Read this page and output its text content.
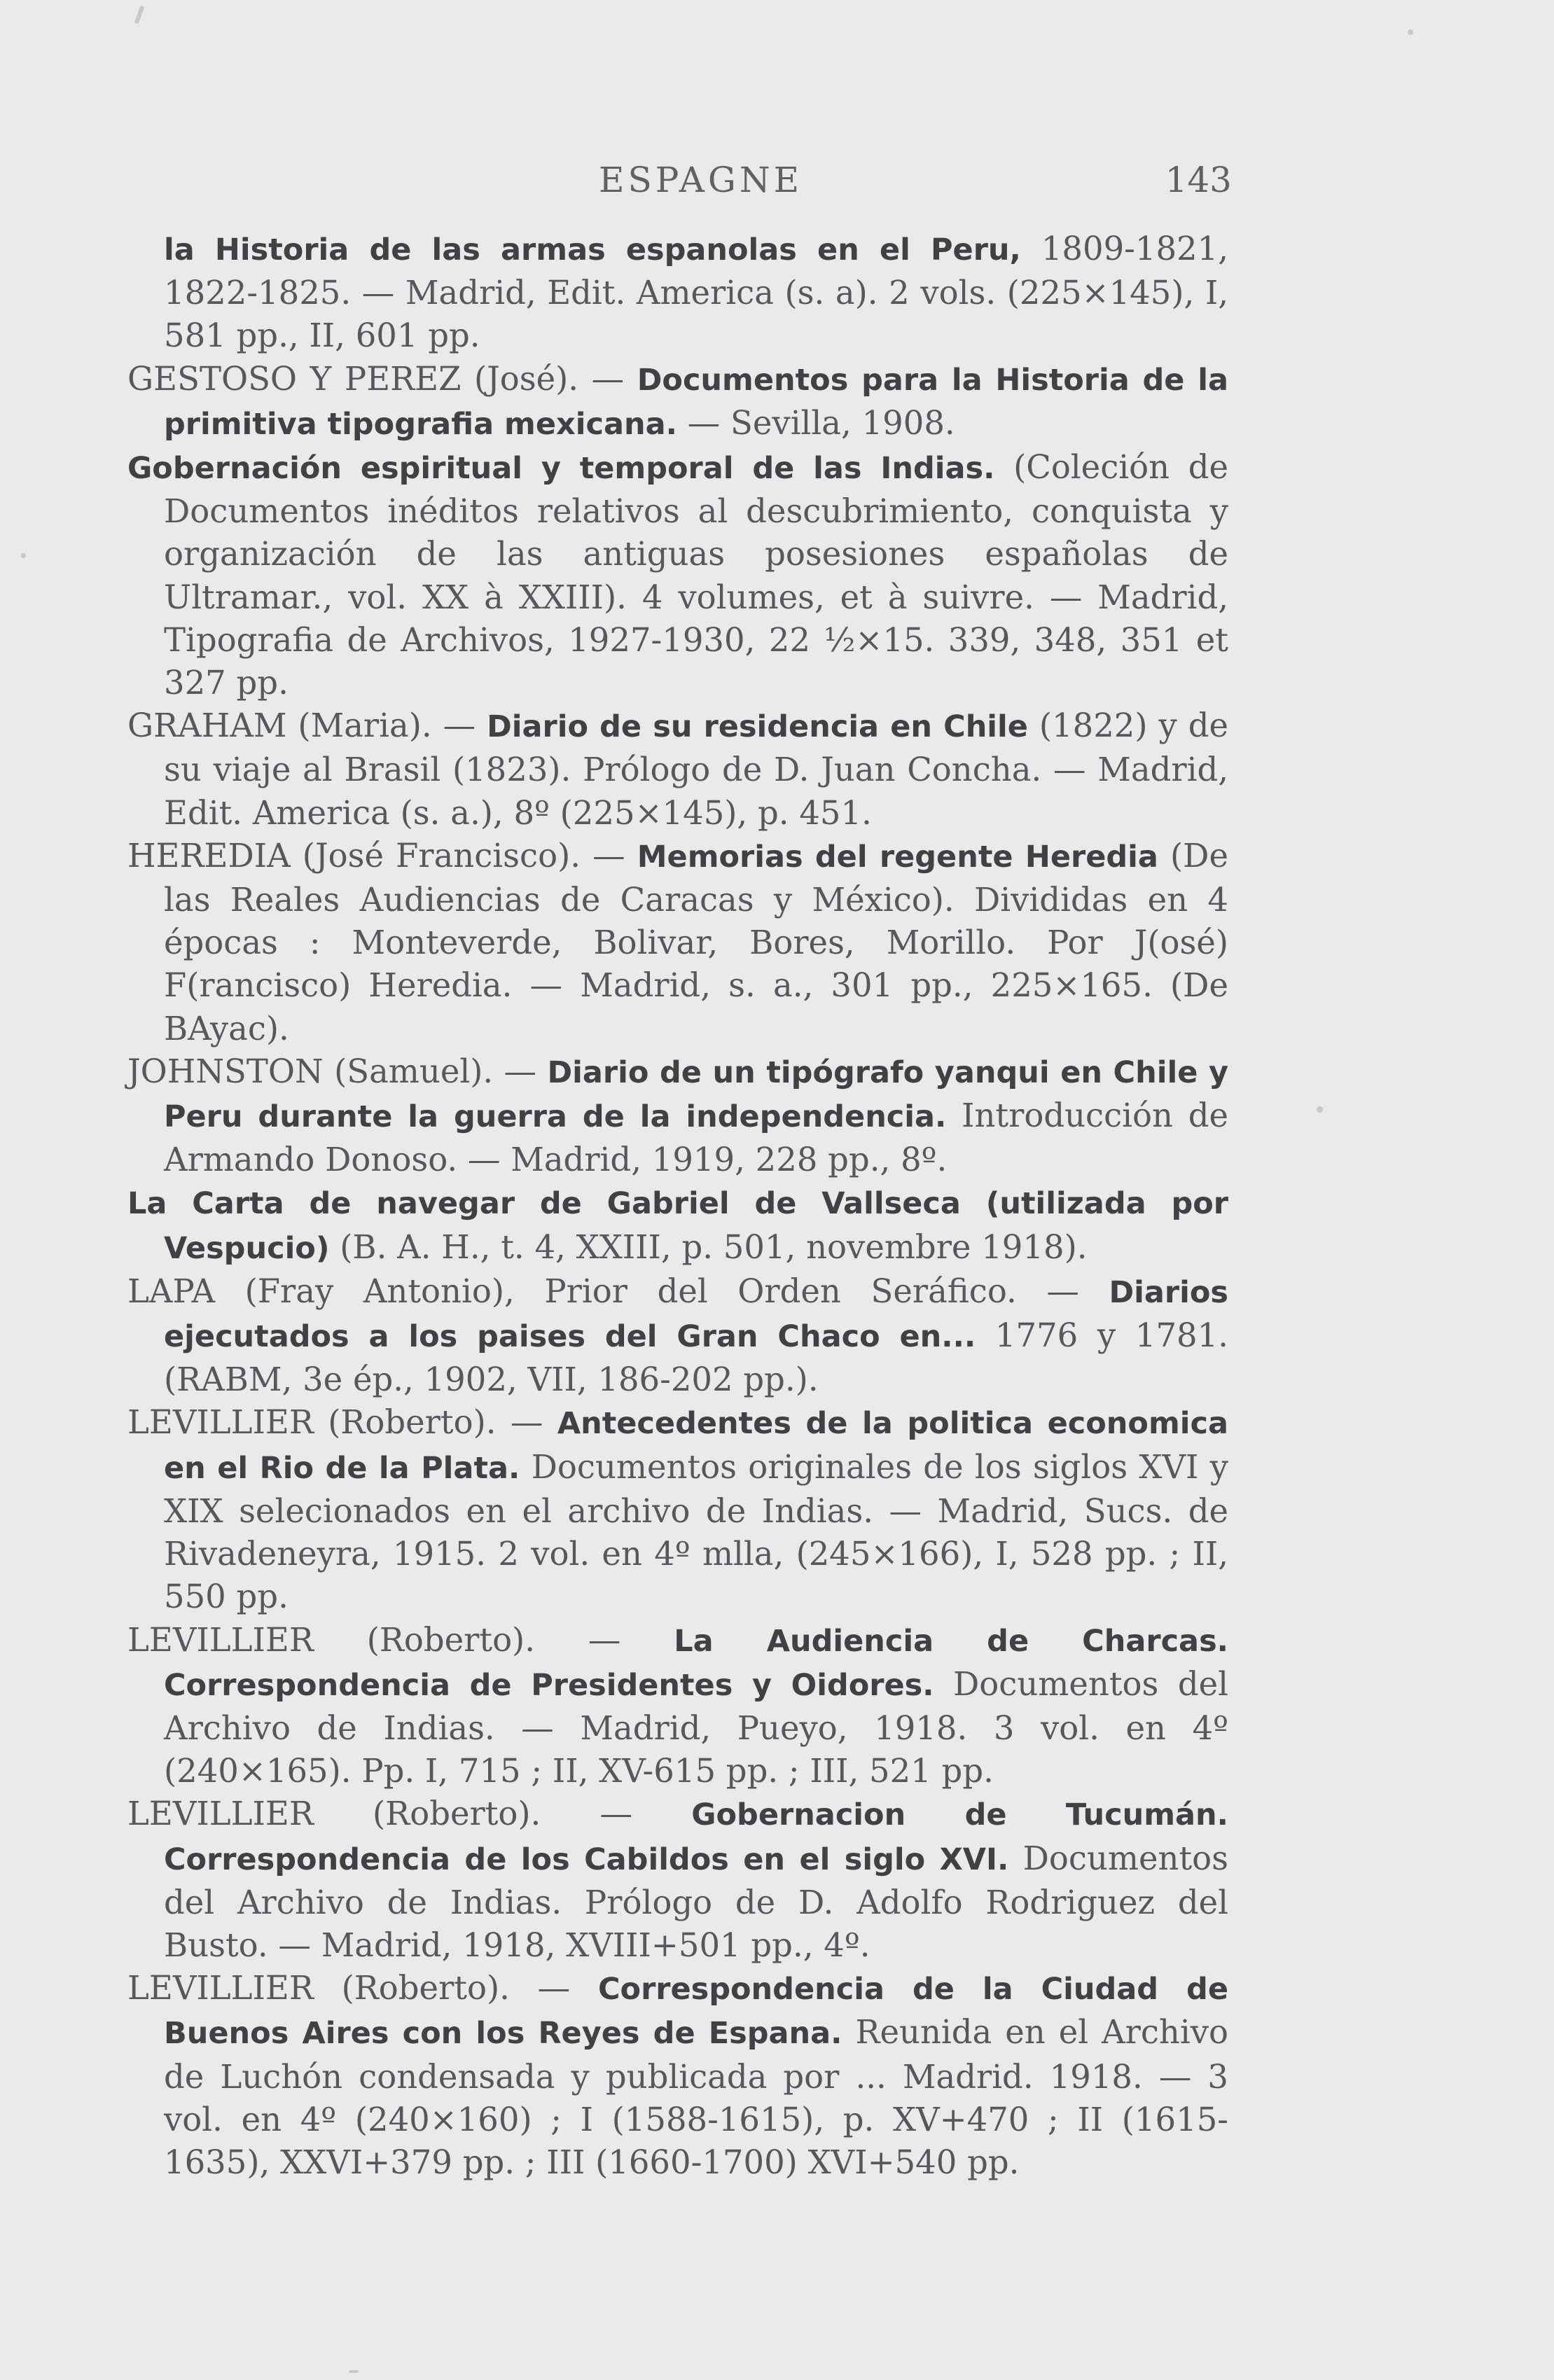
ESPAGNE	143

la Historia de las armas espanolas en el Peru, 1809-1821, 1822-1825. — Madrid, Edit. America (s. a). 2 vols. (225×145), I, 581 pp., II, 601 pp.

GESTOSO Y PEREZ (José). — Documentos para la Historia de la primitiva tipografia mexicana. — Sevilla, 1908.

Gobernación espiritual y temporal de las Indias. (Coleción de Documentos inéditos relativos al descubrimiento, conquista y organización de las antiguas posesiones españolas de Ultramar., vol. XX à XXIII). 4 volumes, et à suivre. — Madrid, Tipografia de Archivos, 1927-1930, 22 ½×15. 339, 348, 351 et 327 pp.

GRAHAM (Maria). — Diario de su residencia en Chile (1822) y de su viaje al Brasil (1823). Prólogo de D. Juan Concha. — Madrid, Edit. America (s. a.), 8º (225×145), p. 451.

HEREDIA (José Francisco). — Memorias del regente Heredia (De las Reales Audiencias de Caracas y México). Divididas en 4 épocas : Monteverde, Bolivar, Bores, Morillo. Por J(osé) F(rancisco) Heredia. — Madrid, s. a., 301 pp., 225×165. (De BAyac).

JOHNSTON (Samuel). — Diario de un tipógrafo yanqui en Chile y Peru durante la guerra de la independencia. Introducción de Armando Donoso. — Madrid, 1919, 228 pp., 8º.

La Carta de navegar de Gabriel de Vallseca (utilizada por Vespucio) (B. A. H., t. 4, XXIII, p. 501, novembre 1918).

LAPA (Fray Antonio), Prior del Orden Seráfico. — Diarios ejecutados a los paises del Gran Chaco en... 1776 y 1781. (RABM, 3e ép., 1902, VII, 186-202 pp.).

LEVILLIER (Roberto). — Antecedentes de la politica economica en el Rio de la Plata. Documentos originales de los siglos XVI y XIX selecionados en el archivo de Indias. — Madrid, Sucs. de Rivadeneyra, 1915. 2 vol. en 4º mlla, (245×166), I, 528 pp. ; II, 550 pp.

LEVILLIER (Roberto). — La Audiencia de Charcas. Correspondencia de Presidentes y Oidores. Documentos del Archivo de Indias. — Madrid, Pueyo, 1918. 3 vol. en 4º (240×165). Pp. I, 715 ; II, XV-615 pp. ; III, 521 pp.

LEVILLIER (Roberto). — Gobernacion de Tucumán. Correspondencia de los Cabildos en el siglo XVI. Documentos del Archivo de Indias. Prólogo de D. Adolfo Rodriguez del Busto. — Madrid, 1918, XVIII+501 pp., 4º.

LEVILLIER (Roberto). — Correspondencia de la Ciudad de Buenos Aires con los Reyes de Espana. Reunida en el Archivo de Luchón condensada y publicada por ... Madrid. 1918. — 3 vol. en 4º (240×160) ; I (1588-1615), p. XV+470 ; II (1615-1635), XXVI+379 pp. ; III (1660-1700) XVI+540 pp.
